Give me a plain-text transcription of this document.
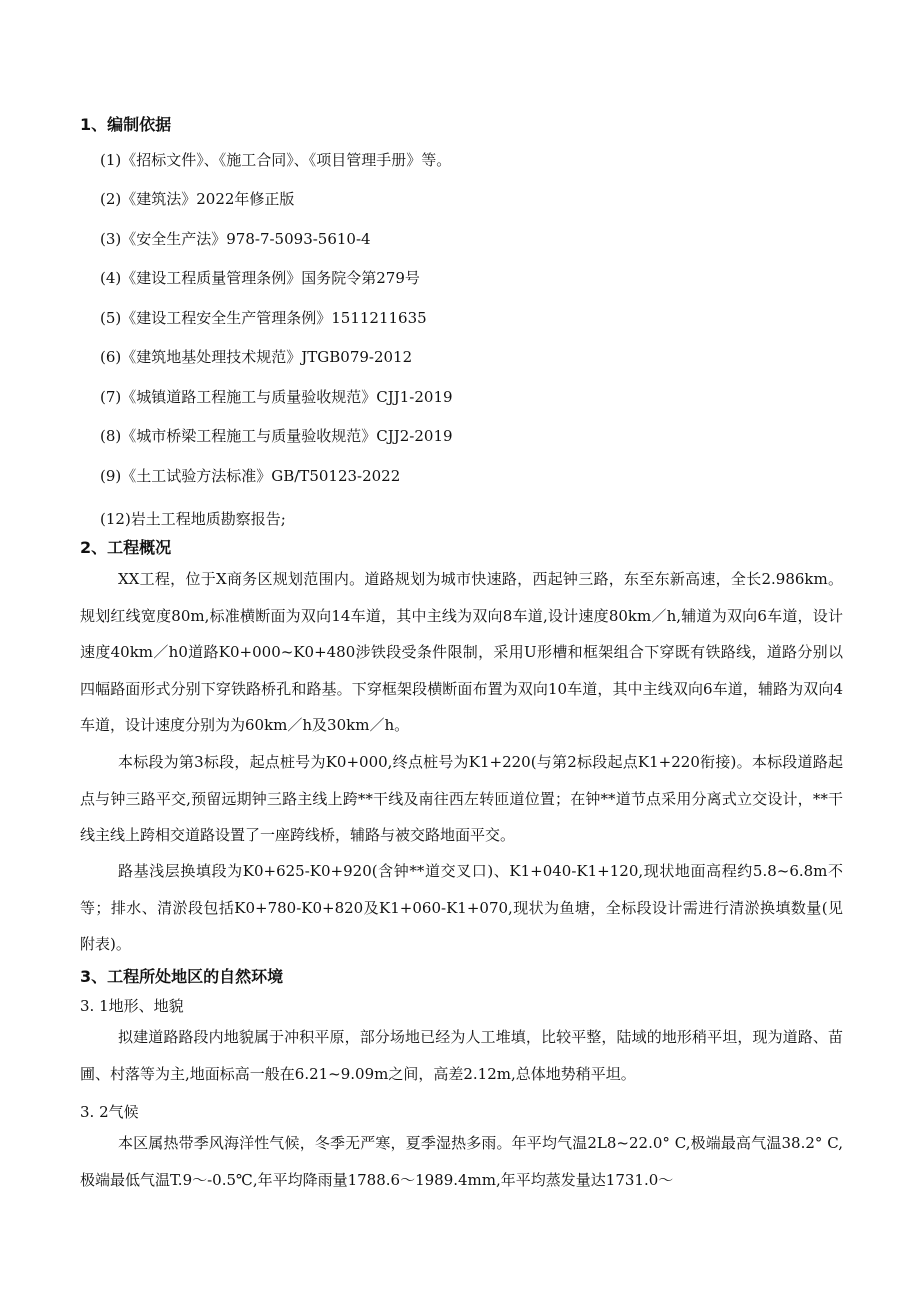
1、编制依据
(1)《招标文件》、《施工合同》、《项目管理手册》等。
(2)《建筑法》2022年修正版
(3)《安全生产法》978-7-5093-5610-4
(4)《建设工程质量管理条例》国务院令第279号
(5)《建设工程安全生产管理条例》1511211635
(6)《建筑地基处理技术规范》JTGB079-2012
(7)《城镇道路工程施工与质量验收规范》CJJ1-2019
(8)《城市桥梁工程施工与质量验收规范》CJJ2-2019
(9)《土工试验方法标准》GB/T50123-2022
(12)岩土工程地质勘察报告;
2、工程概况
XX工程，位于X商务区规划范围内。道路规划为城市快速路，西起钟三路，东至东新高速，全长2.986km。规划红线宽度80m,标准横断面为双向14车道，其中主线为双向8车道,设计速度80km／h,辅道为双向6车道，设计速度40km／h0道路K0+000~K0+480涉铁段受条件限制，采用U形槽和框架组合下穿既有铁路线，道路分别以四幅路面形式分别下穿铁路桥孔和路基。下穿框架段横断面布置为双向10车道，其中主线双向6车道，辅路为双向4车道，设计速度分别为为60km／h及30km／h。
本标段为第3标段，起点桩号为K0+000,终点桩号为K1+220(与第2标段起点K1+220衔接)。本标段道路起点与钟三路平交,预留远期钟三路主线上跨**干线及南往西左转匝道位置；在钟**道节点采用分离式立交设计，**干线主线上跨相交道路设置了一座跨线桥，辅路与被交路地面平交。
路基浅层换填段为K0+625-K0+920(含钟**道交叉口)、K1+040-K1+120,现状地面高程约5.8~6.8m不等；排水、清淤段包括K0+780-K0+820及K1+060-K1+070,现状为鱼塘，全标段设计需进行清淤换填数量(见附表)。
3、工程所处地区的自然环境
3. 1地形、地貌
拟建道路路段内地貌属于冲积平原，部分场地已经为人工堆填，比较平整，陆域的地形稍平坦，现为道路、苗圃、村落等为主,地面标高一般在6.21~9.09m之间，高差2.12m,总体地势稍平坦。
3. 2气候
本区属热带季风海洋性气候，冬季无严寒，夏季湿热多雨。年平均气温2L8~22.0° C,极端最高气温38.2° C,极端最低气温T.9～-0.5℃,年平均降雨量1788.6～1989.4mm,年平均蒸发量达1731.0～
